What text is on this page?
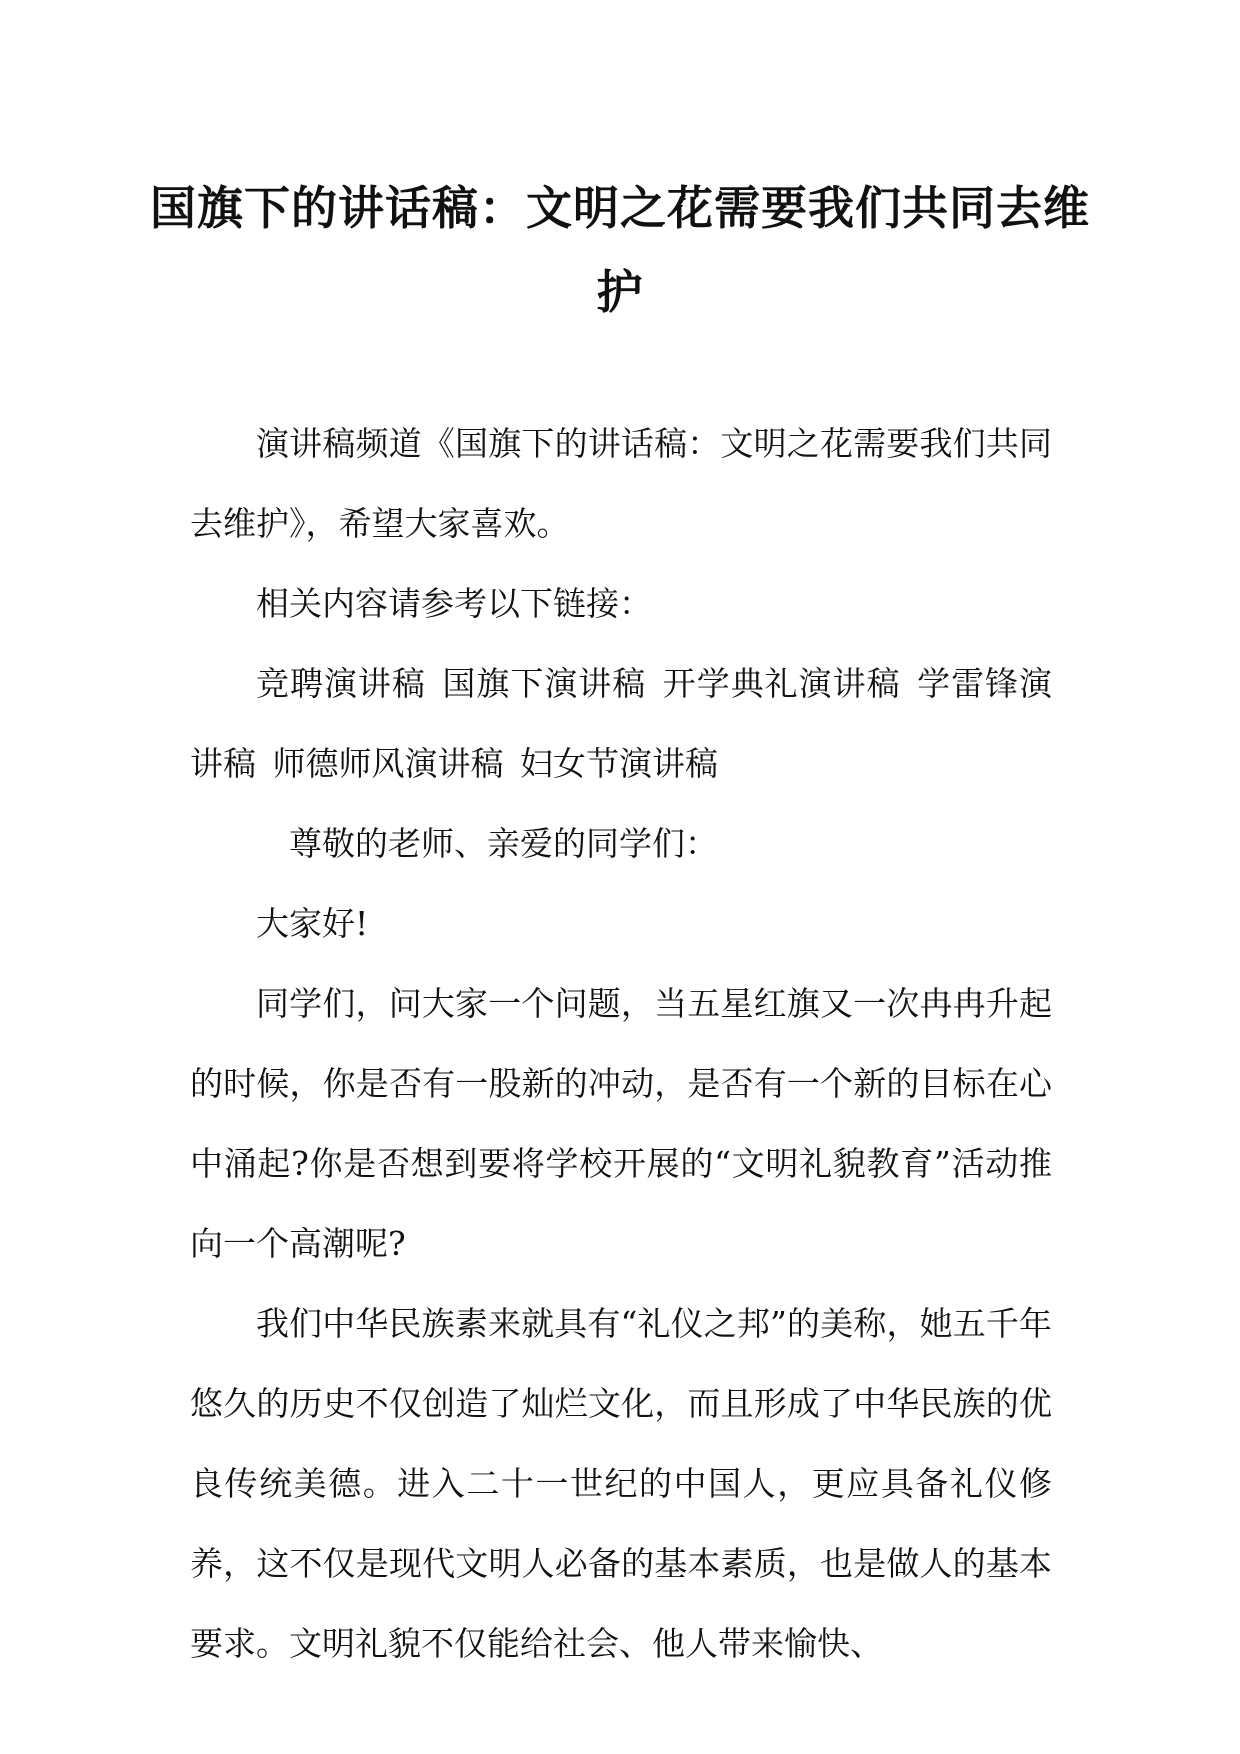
国旗下的讲话稿：文明之花需要我们共同去维护

演讲稿频道《国旗下的讲话稿：文明之花需要我们共同去维护》，希望大家喜欢。

相关内容请参考以下链接：

竞聘演讲稿 国旗下演讲稿 开学典礼演讲稿 学雷锋演讲稿 师德师风演讲稿 妇女节演讲稿

尊敬的老师、亲爱的同学们：

大家好!

同学们，问大家一个问题，当五星红旗又一次冉冉升起的时候，你是否有一股新的冲动，是否有一个新的目标在心中涌起?你是否想到要将学校开展的“文明礼貌教育”活动推向一个高潮呢?

我们中华民族素来就具有“礼仪之邦”的美称，她五千年悠久的历史不仅创造了灿烂文化，而且形成了中华民族的优良传统美德。进入二十一世纪的中国人，更应具备礼仪修养，这不仅是现代文明人必备的基本素质，也是做人的基本要求。文明礼貌不仅能给社会、他人带来愉快、
